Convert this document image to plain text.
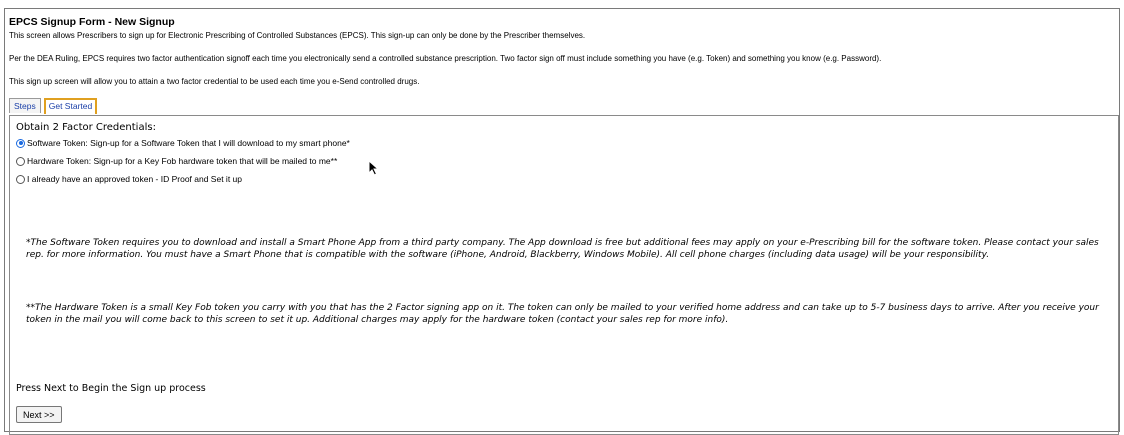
EPCS Signup Form - New Signup

This screen allows Prescribers to sign up for Electronic Prescribing of Controlled Substances (EPCS). This sign-up can only be done by the Prescriber themselves.

Per the DEA Ruling, EPCS requires two factor authentication signoff each time you electronically send a controlled substance prescription. Two factor sign off must include something you have (e.g. Token) and something you know (e.g. Password).

This sign up screen will allow you to attain a two factor credential to be used each time you e-Send controlled drugs.

Steps	Get Started

Obtain 2 Factor Credentials:

Software Token: Sign-up for a Software Token that I will download to my smart phone*
Hardware Token: Sign-up for a Key Fob hardware token that will be mailed to me**
I already have an approved token - ID Proof and Set it up

*The Software Token requires you to download and install a Smart Phone App from a third party company. The App download is free but additional fees may apply on your e-Prescribing bill for the software token. Please contact your sales rep. for more information. You must have a Smart Phone that is compatible with the software (iPhone, Android, Blackberry, Windows Mobile). All cell phone charges (including data usage) will be your responsibility.

**The Hardware Token is a small Key Fob token you carry with you that has the 2 Factor signing app on it. The token can only be mailed to your verified home address and can take up to 5-7 business days to arrive. After you receive your token in the mail you will come back to this screen to set it up. Additional charges may apply for the hardware token (contact your sales rep for more info).

Press Next to Begin the Sign up process

Next >>
